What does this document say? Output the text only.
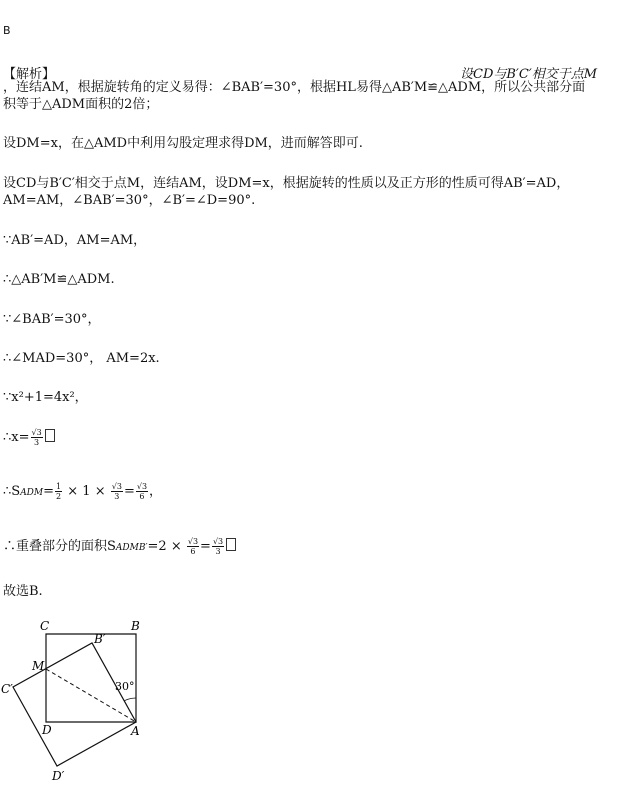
B
【解析】	设CD与B′C′相交于点M
，连结AM，根据旋转角的定义易得：∠BAB′=30°，根据HL易得△AB′M≌△ADM，所以公共部分面
积等于△ADM面积的2倍；
设DM=x，在△AMD中利用勾股定理求得DM，进而解答即可.
设CD与B′C′相交于点M，连结AM，设DM=x，根据旋转的性质以及正方形的性质可得AB′=AD，
AM=AM，∠BAB′=30°，∠B′=∠D=90°.
∵AB′=AD，AM=AM，
∴△AB′M≌△ADM.
∵∠BAB′=30°，
∴∠MAD=30°， AM=2x.
∵x²+1=4x²，
∴x= $\frac{√3}{3}$
∴SADM= $\frac{1}{2} \times 1 \times \frac{√3}{3} = \frac{√3}{6}$ ，
∴重叠部分的面积SADMB′=2 × $\frac{√3}{6} = \frac{√3}{3}$
故选B.
C	B
B′
M
C′	30°
D	A
D′
